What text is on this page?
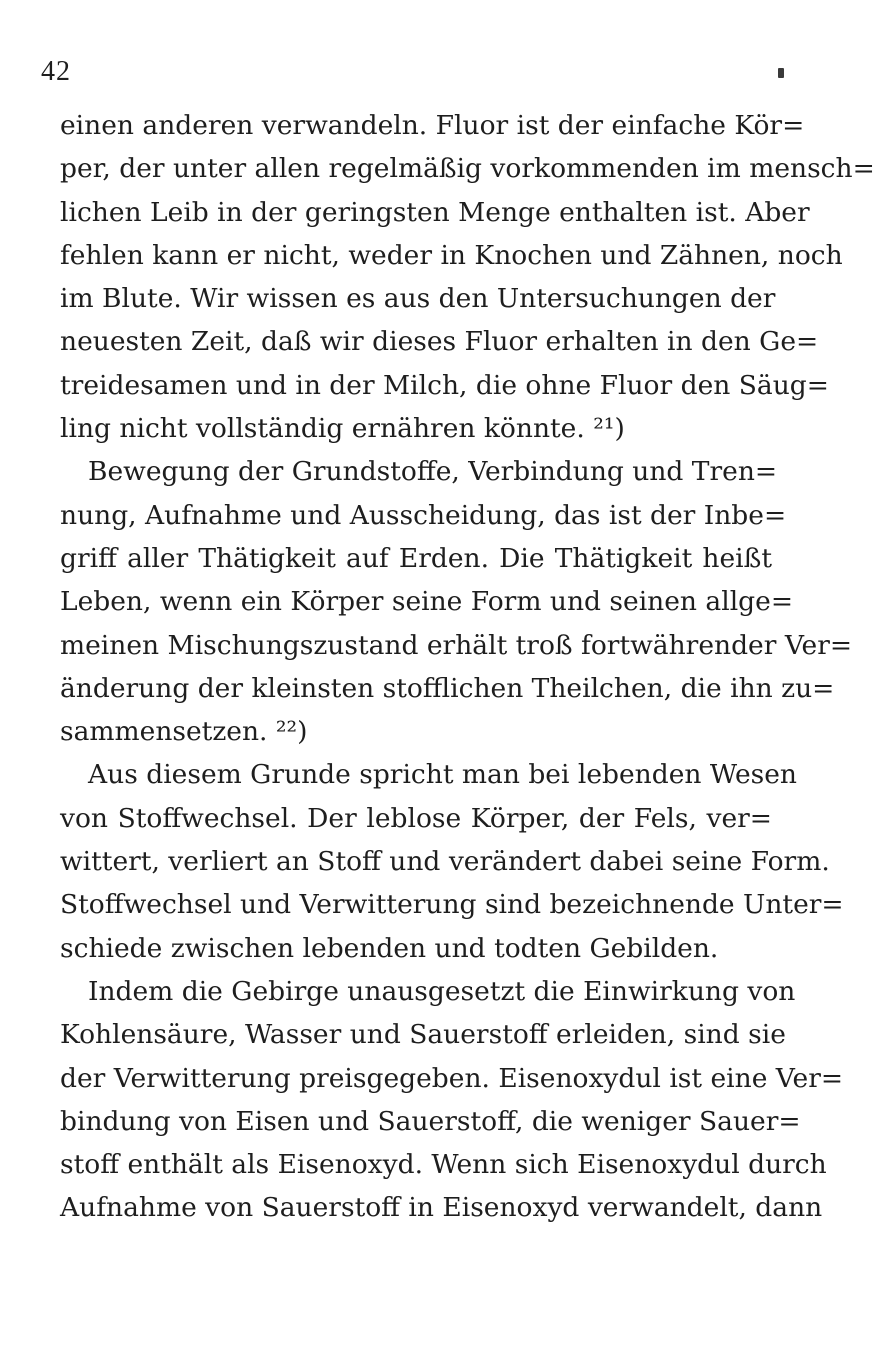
42
einen anderen verwandeln. Fluor ist der einfache Kör=
per, der unter allen regelmäßig vorkommenden im mensch=
lichen Leib in der geringsten Menge enthalten ist. Aber
fehlen kann er nicht, weder in Knochen und Zähnen, noch
im Blute. Wir wissen es aus den Untersuchungen der
neuesten Zeit, daß wir dieses Fluor erhalten in den Ge=
treidesamen und in der Milch, die ohne Fluor den Säug=
ling nicht vollständig ernähren könnte. ²¹)
Bewegung der Grundstoffe, Verbindung und Tren=
nung, Aufnahme und Ausscheidung, das ist der Inbe=
griff aller Thätigkeit auf Erden. Die Thätigkeit heißt
Leben, wenn ein Körper seine Form und seinen allge=
meinen Mischungszustand erhält troß fortwährender Ver=
änderung der kleinsten stofflichen Theilchen, die ihn zu=
sammensetzen. ²²)
Aus diesem Grunde spricht man bei lebenden Wesen
von Stoffwechsel. Der leblose Körper, der Fels, ver=
wittert, verliert an Stoff und verändert dabei seine Form.
Stoffwechsel und Verwitterung sind bezeichnende Unter=
schiede zwischen lebenden und todten Gebilden.
Indem die Gebirge unausgesetzt die Einwirkung von
Kohlensäure, Wasser und Sauerstoff erleiden, sind sie
der Verwitterung preisgegeben. Eisenoxydul ist eine Ver=
bindung von Eisen und Sauerstoff, die weniger Sauer=
stoff enthält als Eisenoxyd. Wenn sich Eisenoxydul durch
Aufnahme von Sauerstoff in Eisenoxyd verwandelt, dann
